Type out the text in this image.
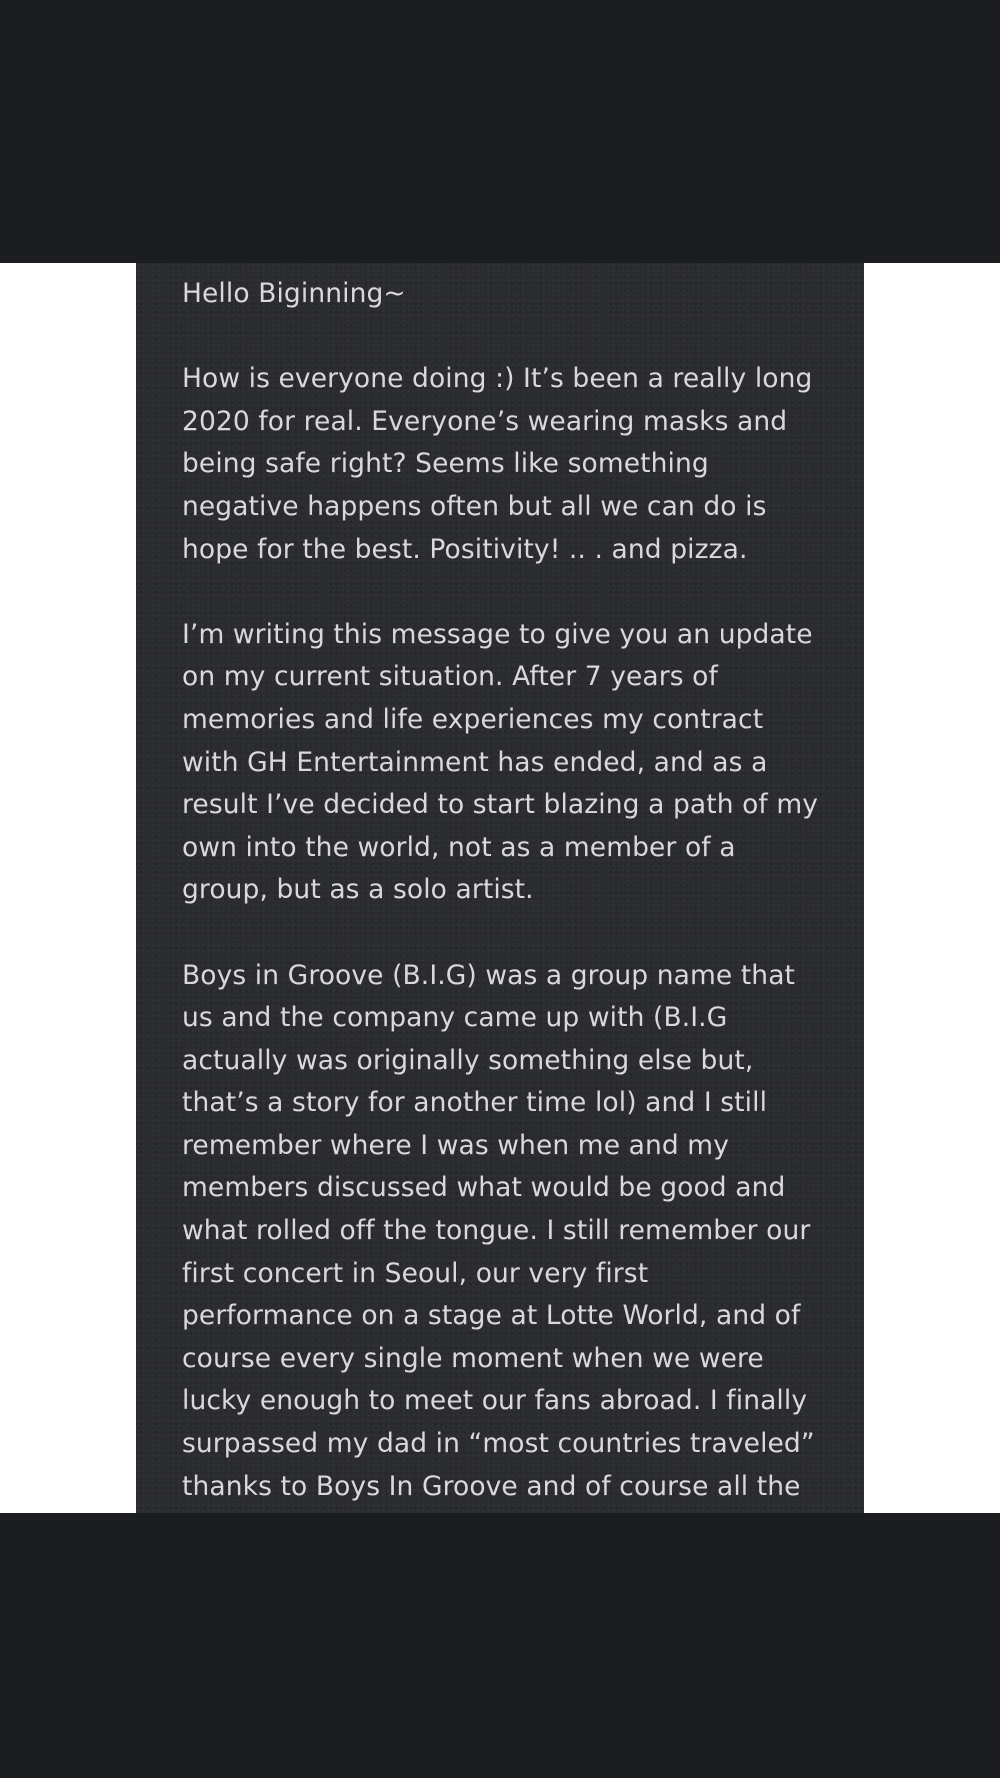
Hello Biginning~
How is everyone doing :) It’s been a really long
2020 for real. Everyone’s wearing masks and
being safe right? Seems like something
negative happens often but all we can do is
hope for the best. Positivity! .. . and pizza.
I’m writing this message to give you an update
on my current situation. After 7 years of
memories and life experiences my contract
with GH Entertainment has ended, and as a
result I’ve decided to start blazing a path of my
own into the world, not as a member of a
group, but as a solo artist.
Boys in Groove (B.I.G) was a group name that
us and the company came up with (B.I.G
actually was originally something else but,
that’s a story for another time lol) and I still
remember where I was when me and my
members discussed what would be good and
what rolled off the tongue. I still remember our
first concert in Seoul, our very first
performance on a stage at Lotte World, and of
course every single moment when we were
lucky enough to meet our fans abroad. I finally
surpassed my dad in “most countries traveled”
thanks to Boys In Groove and of course all the
